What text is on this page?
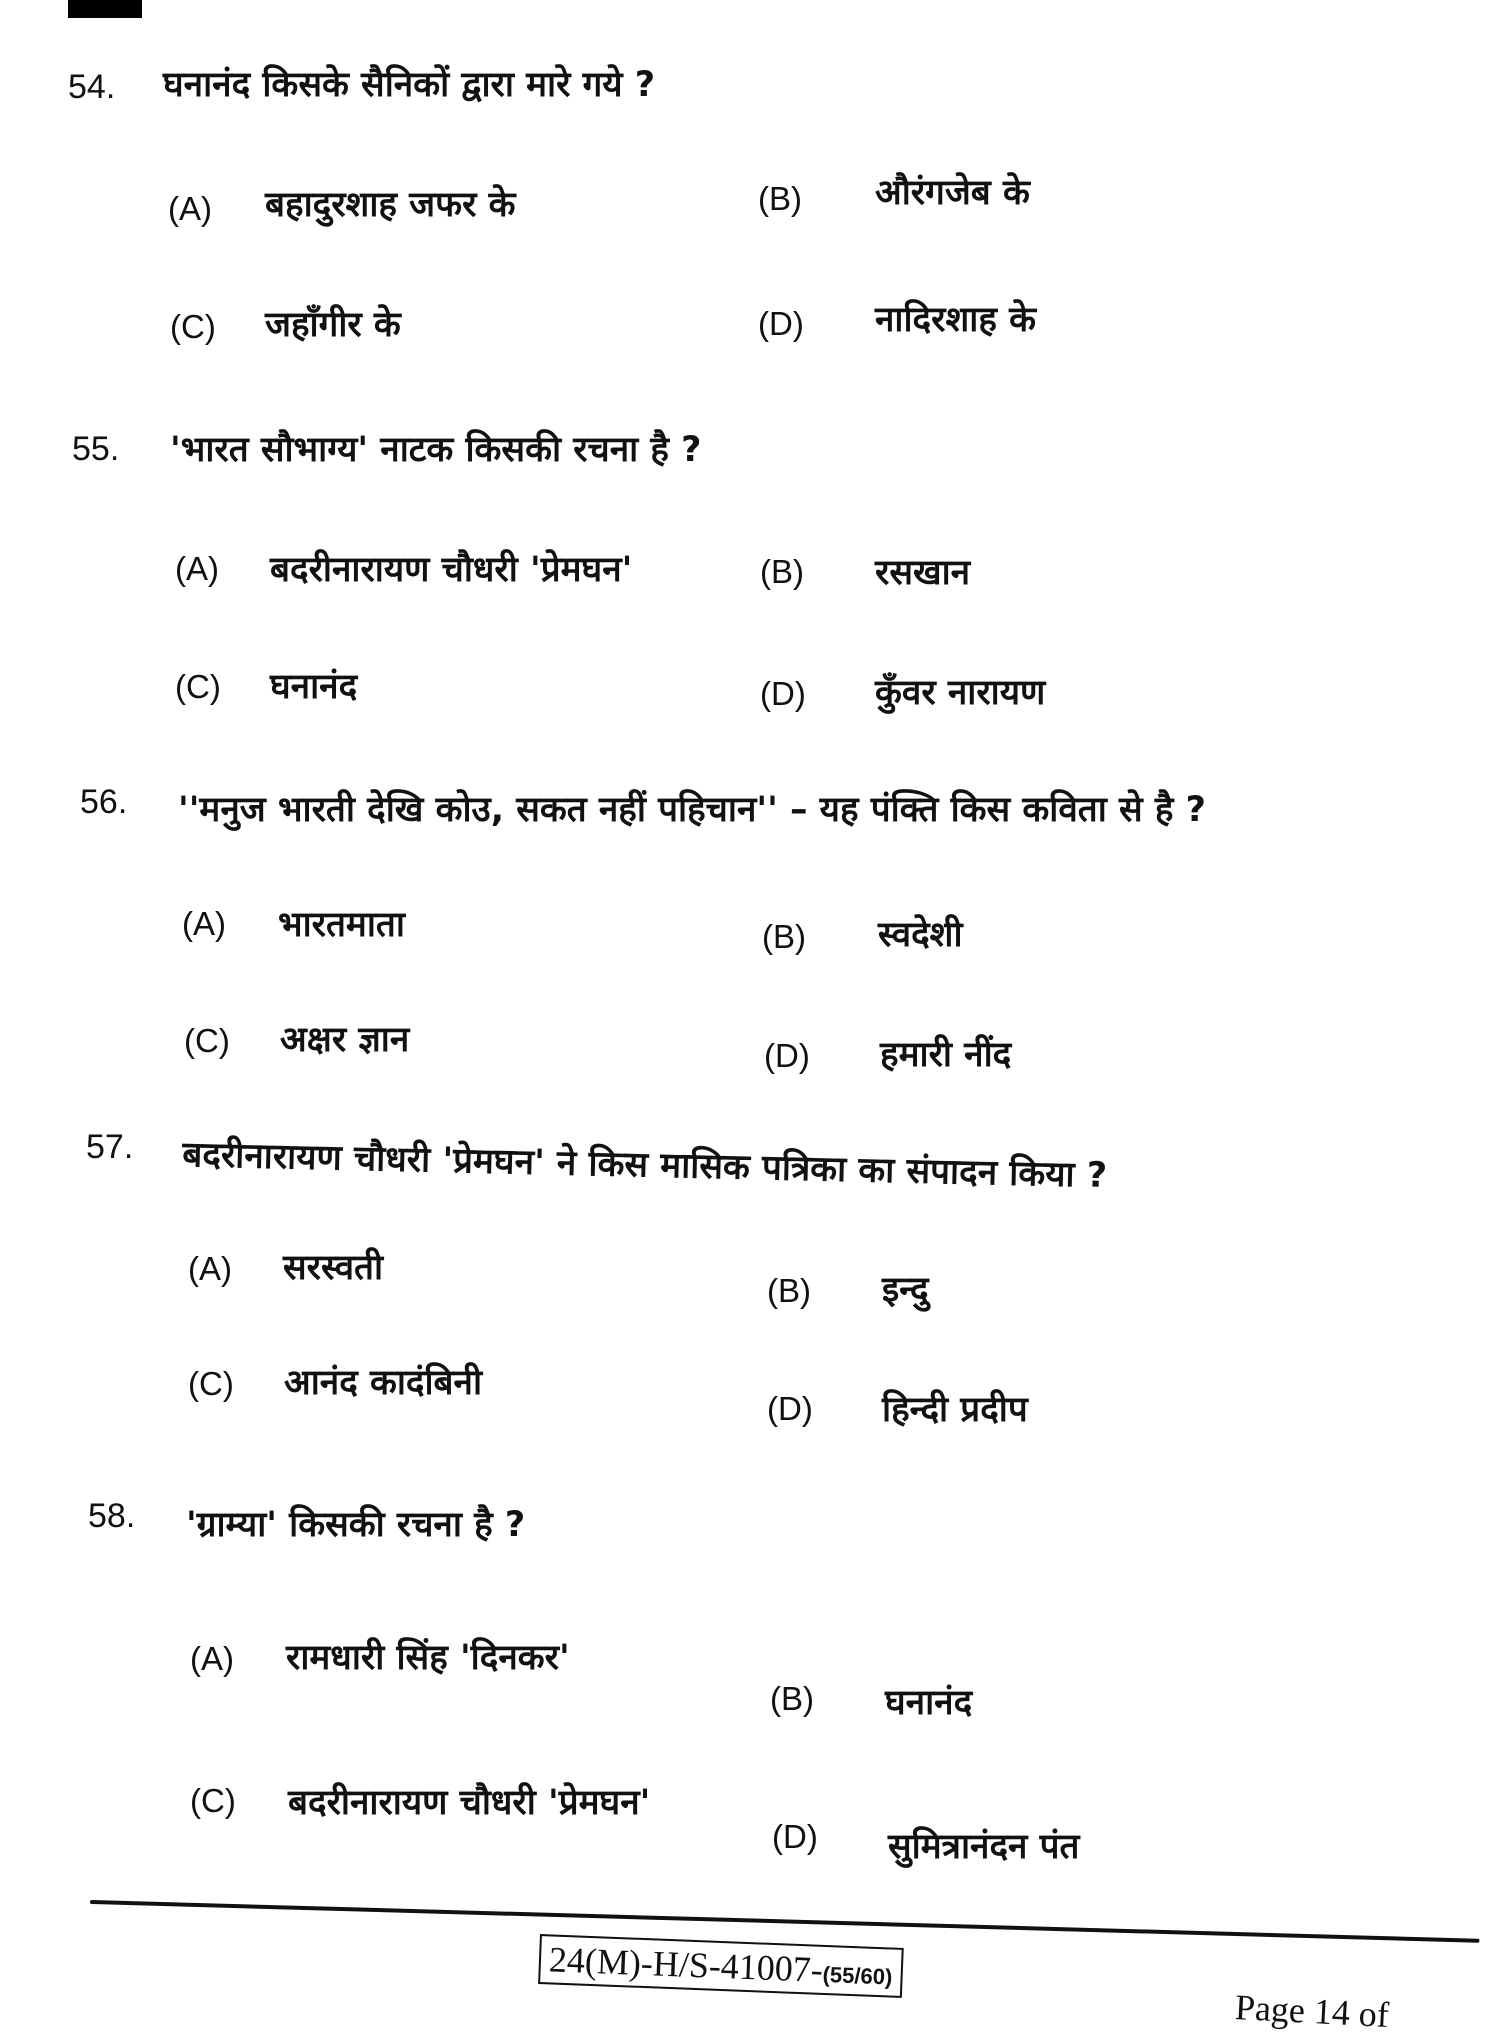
54. घनानंद किसके सैनिकों द्वारा मारे गये ?
(A) बहादुरशाह जफर के	(B) औरंगजेब के
(C) जहाँगीर के	(D) नादिरशाह के
55. 'भारत सौभाग्य' नाटक किसकी रचना है ?
(A) बदरीनारायण चौधरी 'प्रेमघन'	(B) रसखान
(C) घनानंद	(D) कुँवर नारायण
56. ''मनुज भारती देखि कोउ, सकत नहीं पहिचान'' – यह पंक्ति किस कविता से है ?
(A) भारतमाता	(B) स्वदेशी
(C) अक्षर ज्ञान	(D) हमारी नींद
57. बदरीनारायण चौधरी 'प्रेमघन' ने किस मासिक पत्रिका का संपादन किया ?
(A) सरस्वती
(B) इन्दु
(C) आनंद कादंबिनी
(D) हिन्दी प्रदीप
58. 'ग्राम्या' किसकी रचना है ?
(A) रामधारी सिंह 'दिनकर'
(B) घनानंद
(C) बदरीनारायण चौधरी 'प्रेमघन'
(D) सुमित्रानंदन पंत
24(M)-H/S-41007-(55/60)
Page 14 of
